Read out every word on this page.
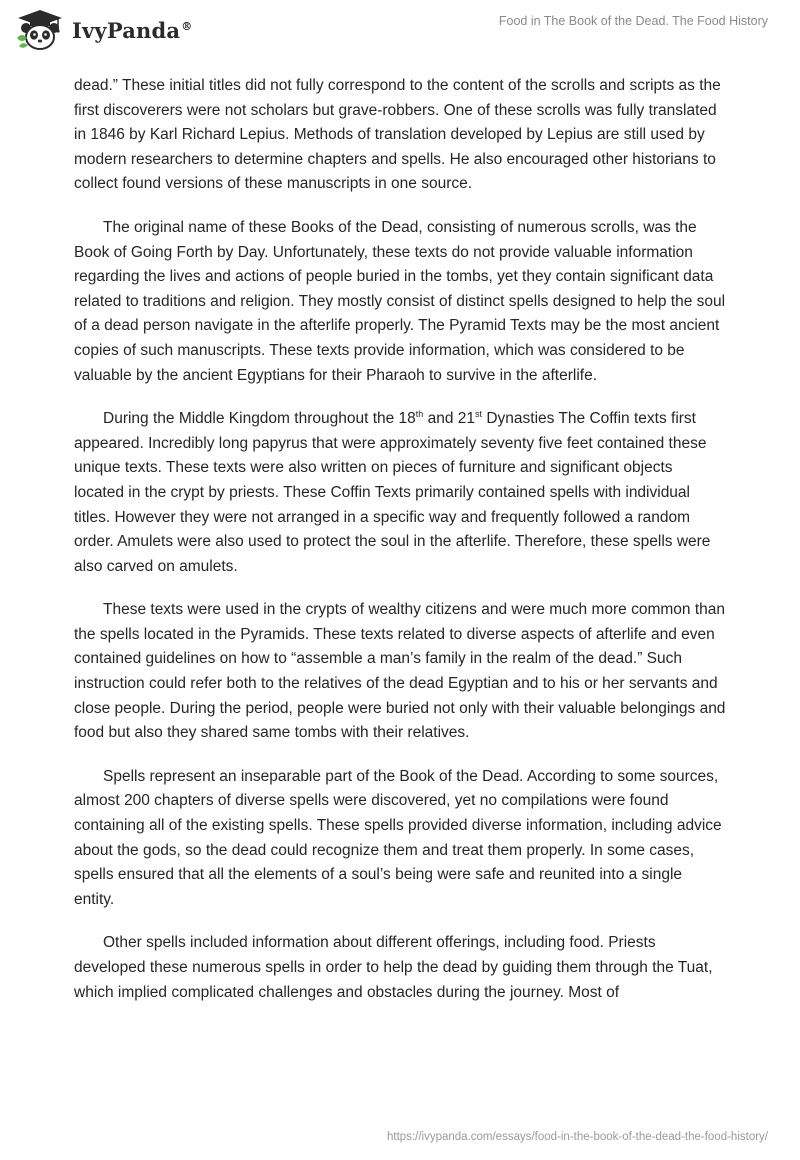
IvyPanda®	Food in The Book of the Dead. The Food History

dead.” These initial titles did not fully correspond to the content of the scrolls and scripts as the first discoverers were not scholars but grave-robbers. One of these scrolls was fully translated in 1846 by Karl Richard Lepius. Methods of translation developed by Lepius are still used by modern researchers to determine chapters and spells. He also encouraged other historians to collect found versions of these manuscripts in one source.

The original name of these Books of the Dead, consisting of numerous scrolls, was the Book of Going Forth by Day. Unfortunately, these texts do not provide valuable information regarding the lives and actions of people buried in the tombs, yet they contain significant data related to traditions and religion. They mostly consist of distinct spells designed to help the soul of a dead person navigate in the afterlife properly. The Pyramid Texts may be the most ancient copies of such manuscripts. These texts provide information, which was considered to be valuable by the ancient Egyptians for their Pharaoh to survive in the afterlife.

During the Middle Kingdom throughout the 18th and 21st Dynasties The Coffin texts first appeared. Incredibly long papyrus that were approximately seventy five feet contained these unique texts. These texts were also written on pieces of furniture and significant objects located in the crypt by priests. These Coffin Texts primarily contained spells with individual titles. However they were not arranged in a specific way and frequently followed a random order. Amulets were also used to protect the soul in the afterlife. Therefore, these spells were also carved on amulets.

These texts were used in the crypts of wealthy citizens and were much more common than the spells located in the Pyramids. These texts related to diverse aspects of afterlife and even contained guidelines on how to “assemble a man’s family in the realm of the dead.” Such instruction could refer both to the relatives of the dead Egyptian and to his or her servants and close people. During the period, people were buried not only with their valuable belongings and food but also they shared same tombs with their relatives.

Spells represent an inseparable part of the Book of the Dead. According to some sources, almost 200 chapters of diverse spells were discovered, yet no compilations were found containing all of the existing spells. These spells provided diverse information, including advice about the gods, so the dead could recognize them and treat them properly. In some cases, spells ensured that all the elements of a soul’s being were safe and reunited into a single entity.

Other spells included information about different offerings, including food. Priests developed these numerous spells in order to help the dead by guiding them through the Tuat, which implied complicated challenges and obstacles during the journey. Most of

https://ivypanda.com/essays/food-in-the-book-of-the-dead-the-food-history/
